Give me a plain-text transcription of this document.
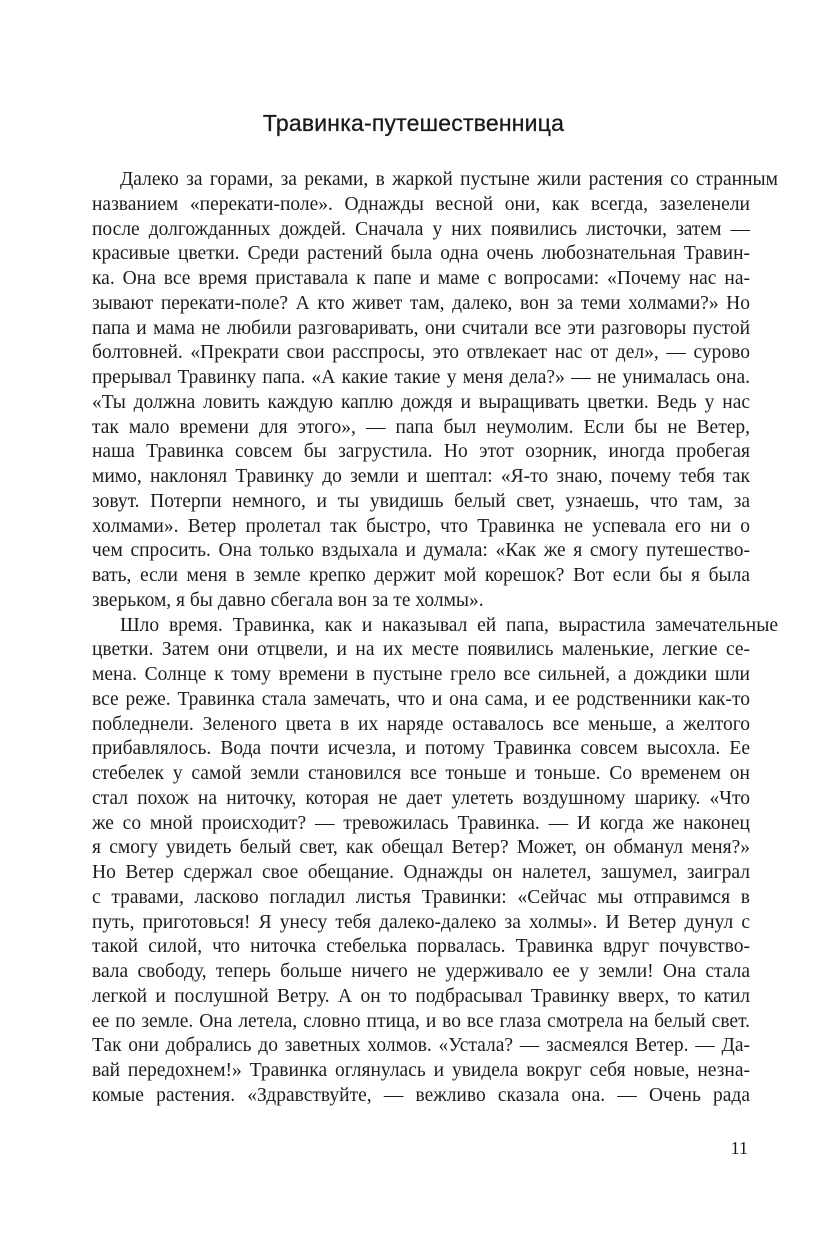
Травинка-путешественница
Далеко за горами, за реками, в жаркой пустыне жили растения со странным
названием «перекати-поле». Однажды весной они, как всегда, зазеленели
после долгожданных дождей. Сначала у них появились листочки, затем —
красивые цветки. Среди растений была одна очень любознательная Травин-
ка. Она все время приставала к папе и маме с вопросами: «Почему нас на-
зывают перекати-поле? А кто живет там, далеко, вон за теми холмами?» Но
папа и мама не любили разговаривать, они считали все эти разговоры пустой
болтовней. «Прекрати свои расспросы, это отвлекает нас от дел», — сурово
прерывал Травинку папа. «А какие такие у меня дела?» — не унималась она.
«Ты должна ловить каждую каплю дождя и выращивать цветки. Ведь у нас
так мало времени для этого», — папа был неумолим. Если бы не Ветер,
наша Травинка совсем бы загрустила. Но этот озорник, иногда пробегая
мимо, наклонял Травинку до земли и шептал: «Я-то знаю, почему тебя так
зовут. Потерпи немного, и ты увидишь белый свет, узнаешь, что там, за
холмами». Ветер пролетал так быстро, что Травинка не успевала его ни о
чем спросить. Она только вздыхала и думала: «Как же я смогу путешество-
вать, если меня в земле крепко держит мой корешок? Вот если бы я была
зверьком, я бы давно сбегала вон за те холмы».
Шло время. Травинка, как и наказывал ей папа, вырастила замечательные
цветки. Затем они отцвели, и на их месте появились маленькие, легкие се-
мена. Солнце к тому времени в пустыне грело все сильней, а дождики шли
все реже. Травинка стала замечать, что и она сама, и ее родственники как-то
побледнели. Зеленого цвета в их наряде оставалось все меньше, а желтого
прибавлялось. Вода почти исчезла, и потому Травинка совсем высохла. Ее
стебелек у самой земли становился все тоньше и тоньше. Со временем он
стал похож на ниточку, которая не дает улететь воздушному шарику. «Что
же со мной происходит? — тревожилась Травинка. — И когда же наконец
я смогу увидеть белый свет, как обещал Ветер? Может, он обманул меня?»
Но Ветер сдержал свое обещание. Однажды он налетел, зашумел, заиграл
с травами, ласково погладил листья Травинки: «Сейчас мы отправимся в
путь, приготовься! Я унесу тебя далеко-далеко за холмы». И Ветер дунул с
такой силой, что ниточка стебелька порвалась. Травинка вдруг почувство-
вала свободу, теперь больше ничего не удерживало ее у земли! Она стала
легкой и послушной Ветру. А он то подбрасывал Травинку вверх, то катил
ее по земле. Она летела, словно птица, и во все глаза смотрела на белый свет.
Так они добрались до заветных холмов. «Устала? — засмеялся Ветер. — Да-
вай передохнем!» Травинка оглянулась и увидела вокруг себя новые, незна-
комые растения. «Здравствуйте, — вежливо сказала она. — Очень рада
11
